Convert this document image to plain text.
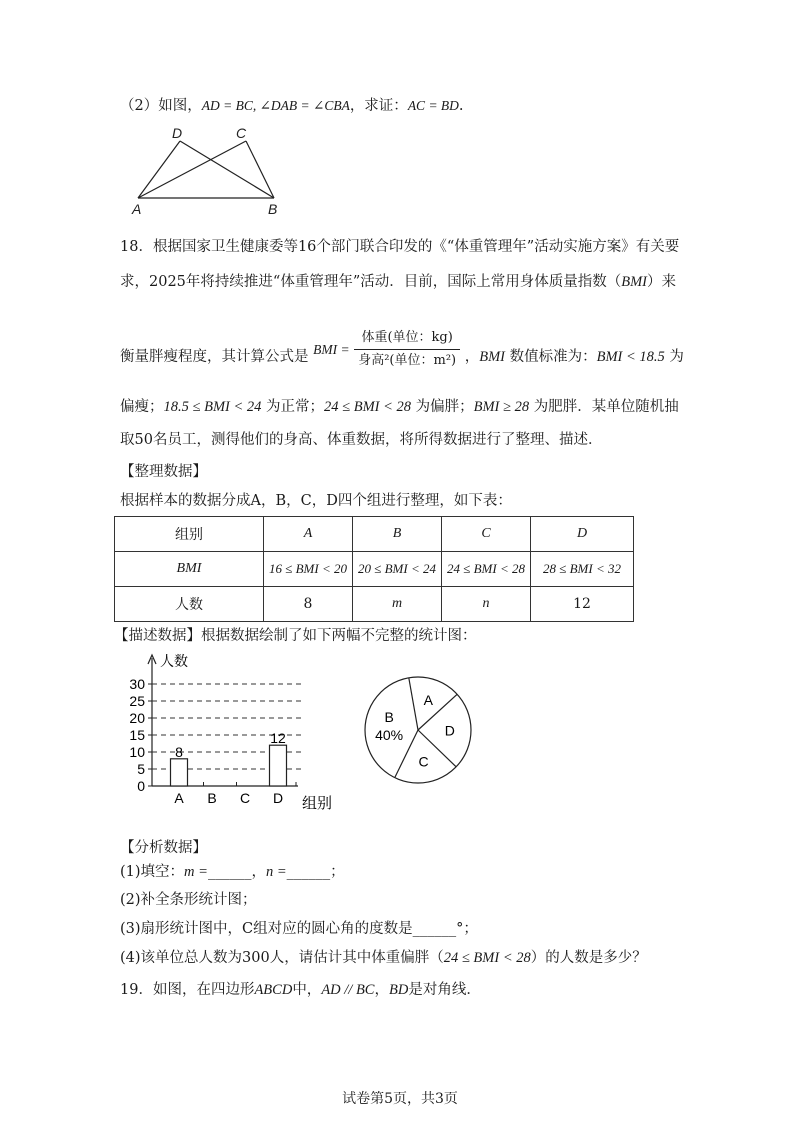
（2）如图，AD = BC, ∠DAB = ∠CBA，求证：AC = BD.
D	C
A	B
18．根据国家卫生健康委等16个部门联合印发的《“体重管理年”活动实施方案》有关要
求，2025年将持续推进“体重管理年”活动．目前，国际上常用身体质量指数（BMI）来
衡量胖瘦程度，其计算公式是 BMI = $\frac{\text{体重(单位：kg)}}{\text{身高²(单位：m²)}}$ ，BMI 数值标准为：BMI < 18.5 为
偏瘦；18.5 ≤ BMI < 24 为正常；24 ≤ BMI < 28 为偏胖；BMI ≥ 28 为肥胖．某单位随机抽
取50名员工，测得他们的身高、体重数据，将所得数据进行了整理、描述．
【整理数据】
根据样本的数据分成A，B，C，D四个组进行整理，如下表：
组别	A	B	C	D
BMI	16 ≤ BMI < 20	20 ≤ BMI < 24	24 ≤ BMI < 28	28 ≤ BMI < 32
人数	8	m	n	12
【描述数据】根据数据绘制了如下两幅不完整的统计图：
人数
0
5
10
15
20
25
30
8
A B C
12
D 组别
A
B
40%
C
D
【分析数据】
(1)填空：m =______，n =______；
(2)补全条形统计图；
(3)扇形统计图中，C组对应的圆心角的度数是______°；
(4)该单位总人数为300人，请估计其中体重偏胖（24 ≤ BMI < 28）的人数是多少？
19．如图，在四边形ABCD中，AD // BC，BD是对角线．
试卷第5页，共3页
